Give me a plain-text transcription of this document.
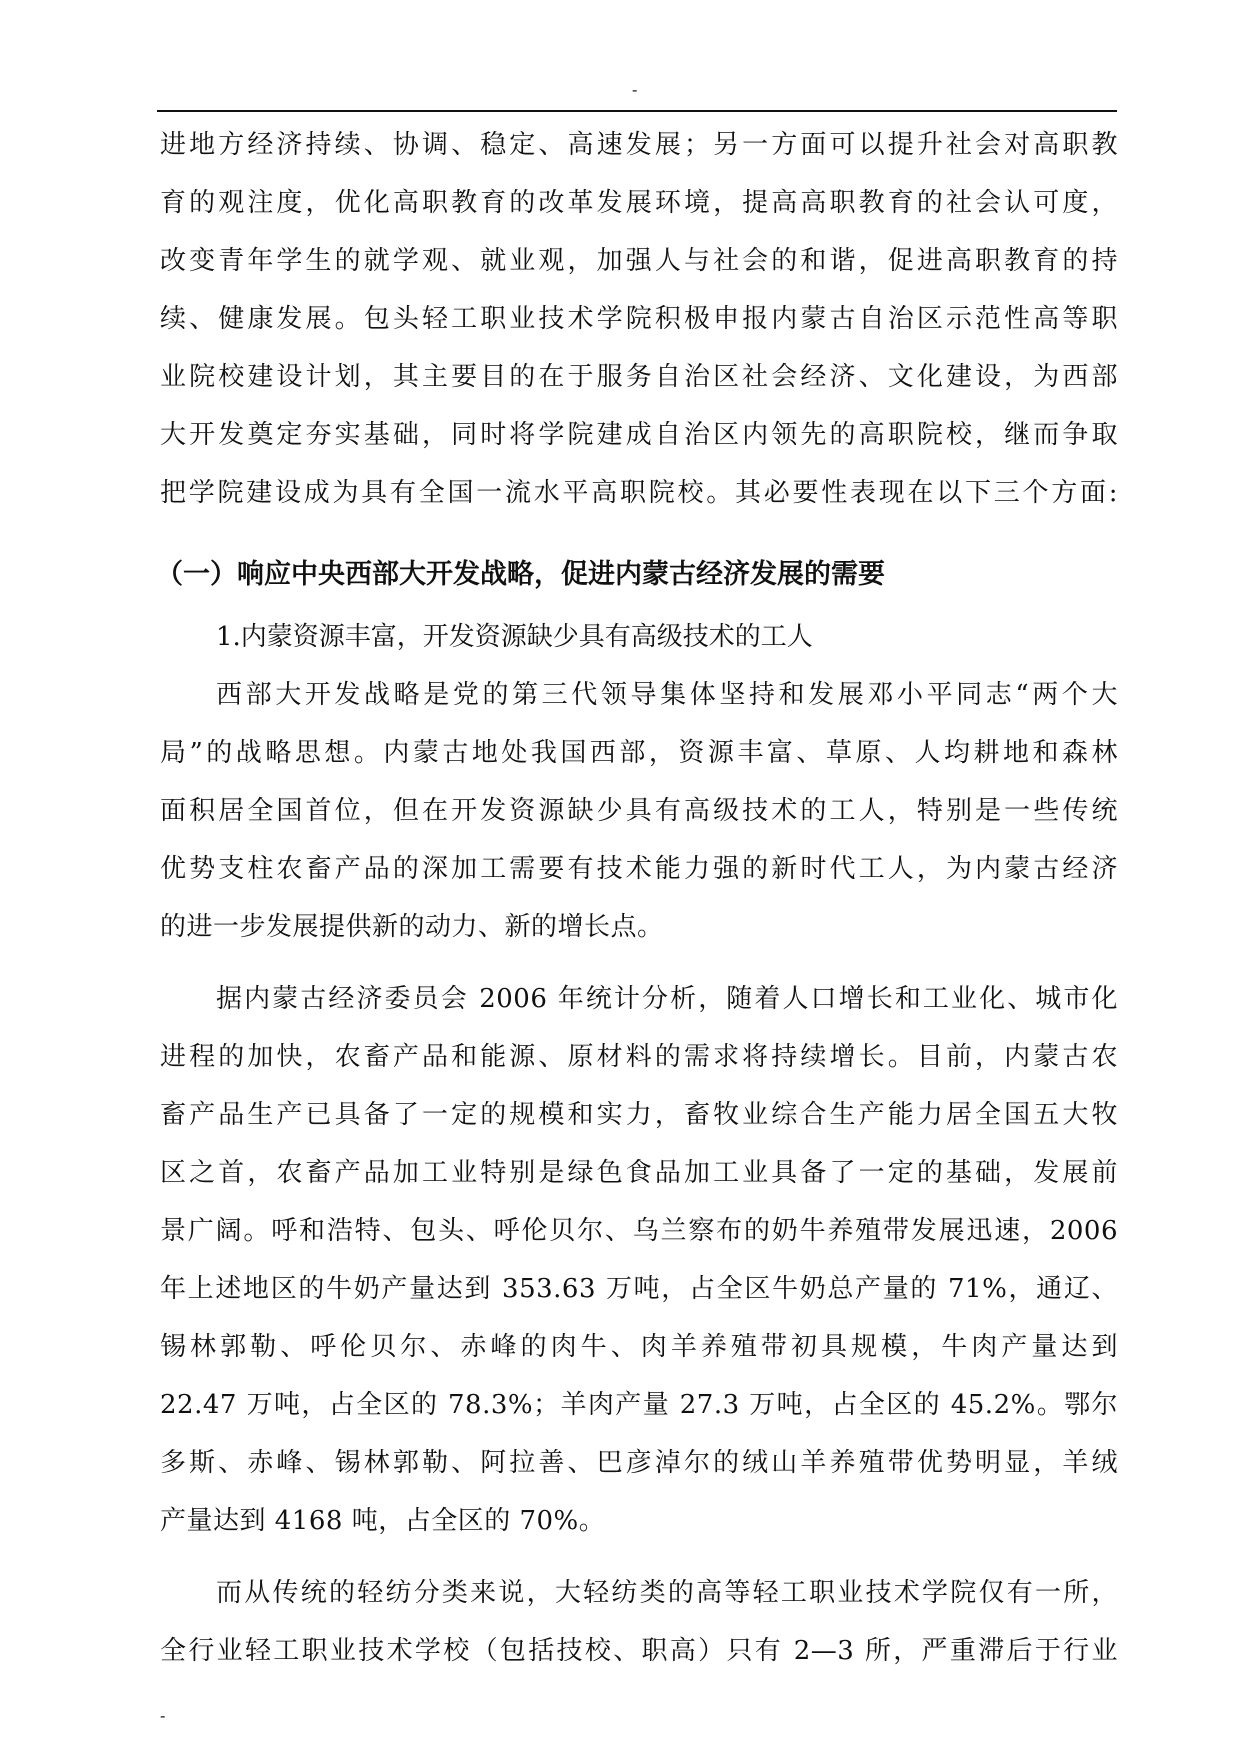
-
进地方经济持续、协调、稳定、高速发展；另一方面可以提升社会对高职教
育的观注度，优化高职教育的改革发展环境，提高高职教育的社会认可度，
改变青年学生的就学观、就业观，加强人与社会的和谐，促进高职教育的持
续、健康发展。包头轻工职业技术学院积极申报内蒙古自治区示范性高等职
业院校建设计划，其主要目的在于服务自治区社会经济、文化建设，为西部
大开发奠定夯实基础，同时将学院建成自治区内领先的高职院校，继而争取
把学院建设成为具有全国一流水平高职院校。其必要性表现在以下三个方面:
（一）响应中央西部大开发战略，促进内蒙古经济发展的需要
1.内蒙资源丰富，开发资源缺少具有高级技术的工人
西部大开发战略是党的第三代领导集体坚持和发展邓小平同志“两个大
局”的战略思想。内蒙古地处我国西部，资源丰富、草原、人均耕地和森林
面积居全国首位，但在开发资源缺少具有高级技术的工人，特别是一些传统
优势支柱农畜产品的深加工需要有技术能力强的新时代工人，为内蒙古经济
的进一步发展提供新的动力、新的增长点。
据内蒙古经济委员会 2006 年统计分析，随着人口增长和工业化、城市化
进程的加快，农畜产品和能源、原材料的需求将持续增长。目前，内蒙古农
畜产品生产已具备了一定的规模和实力，畜牧业综合生产能力居全国五大牧
区之首，农畜产品加工业特别是绿色食品加工业具备了一定的基础，发展前
景广阔。呼和浩特、包头、呼伦贝尔、乌兰察布的奶牛养殖带发展迅速，2006
年上述地区的牛奶产量达到 353.63 万吨，占全区牛奶总产量的 71%，通辽、
锡林郭勒、呼伦贝尔、赤峰的肉牛、肉羊养殖带初具规模，牛肉产量达到
22.47 万吨，占全区的 78.3%；羊肉产量 27.3 万吨，占全区的 45.2%。鄂尔
多斯、赤峰、锡林郭勒、阿拉善、巴彦淖尔的绒山羊养殖带优势明显，羊绒
产量达到 4168 吨，占全区的 70%。
而从传统的轻纺分类来说，大轻纺类的高等轻工职业技术学院仅有一所，
全行业轻工职业技术学校（包括技校、职高）只有 2—3 所，严重滞后于行业
-
